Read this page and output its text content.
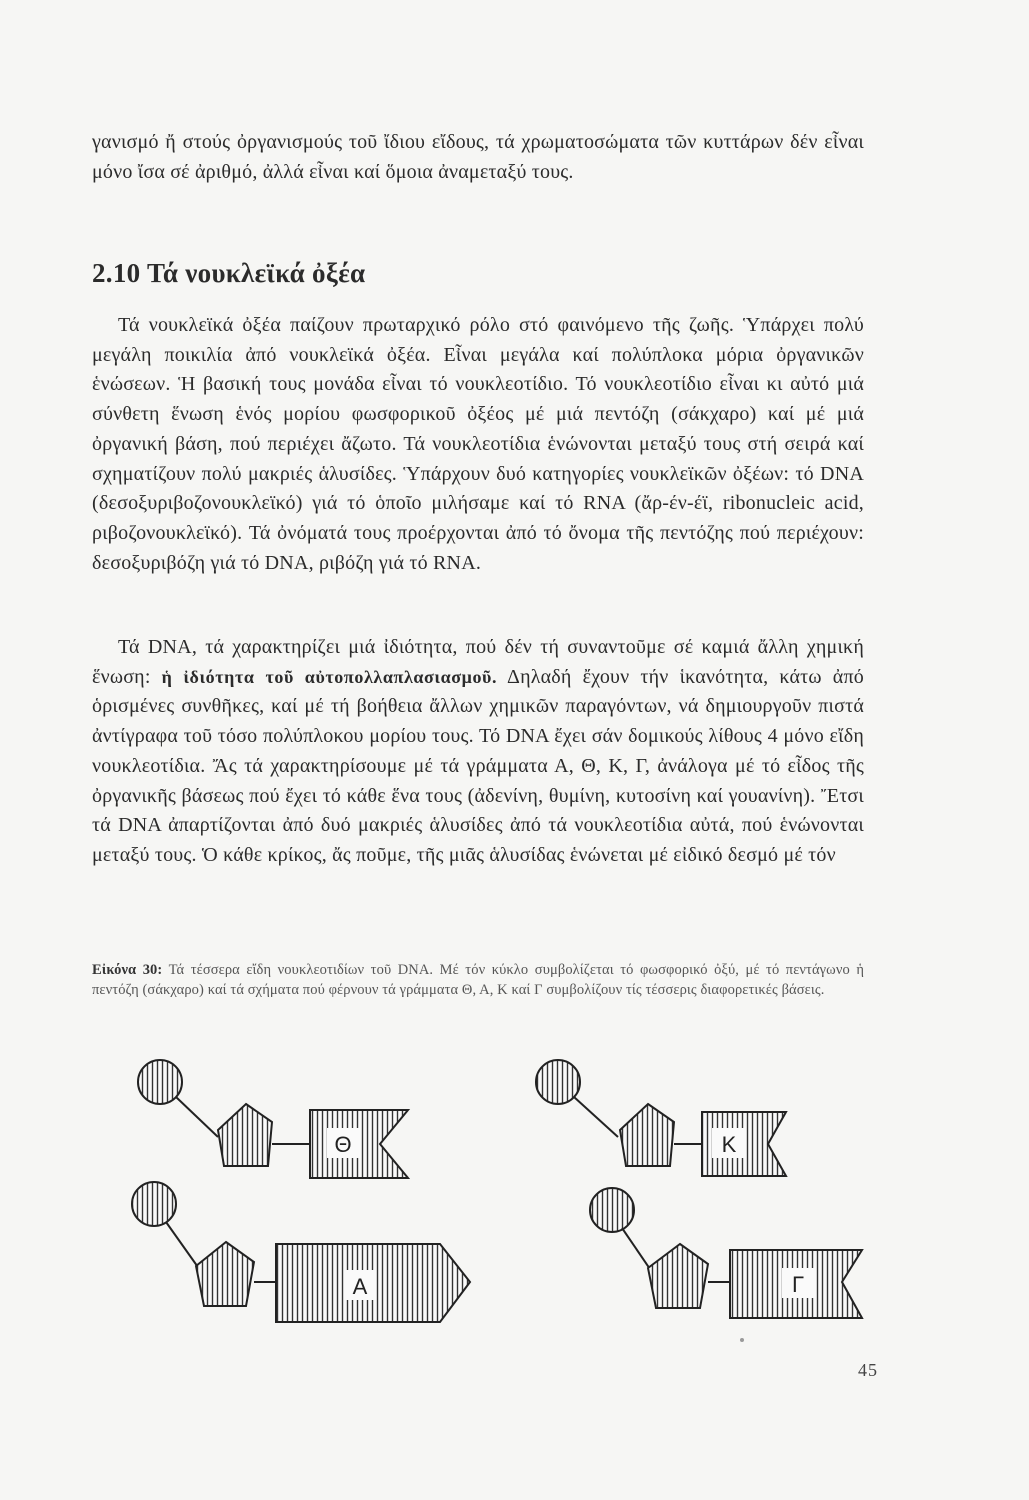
γανισμό ἤ στούς ὀργανισμούς τοῦ ἴδιου εἴδους, τά χρωματοσώματα τῶν κυττάρων δέν εἶναι μόνο ἴσα σέ ἀριθμό, ἀλλά εἶναι καί ὅμοια ἀναμεταξύ τους.

2.10 Τά νουκλεϊκά ὀξέα

Τά νουκλεϊκά ὀξέα παίζουν πρωταρχικό ρόλο στό φαινόμενο τῆς ζωῆς. Ὑπάρχει πολύ μεγάλη ποικιλία ἀπό νουκλεϊκά ὀξέα. Εἶναι μεγάλα καί πολύπλοκα μόρια ὀργανικῶν ἑνώσεων. Ἡ βασική τους μονάδα εἶναι τό νουκλεοτίδιο. Τό νουκλεοτίδιο εἶναι κι αὐτό μιά σύνθετη ἕνωση ἑνός μορίου φωσφορικοῦ ὀξέος μέ μιά πεντόζη (σάκχαρο) καί μέ μιά ὀργανική βάση, πού περιέχει ἄζωτο. Τά νουκλεοτίδια ἑνώνονται μεταξύ τους στή σειρά καί σχηματίζουν πολύ μακριές ἁλυσίδες. Ὑπάρχουν δυό κατηγορίες νουκλεϊκῶν ὀξέων: τό DNA (δεσοξυριβοζονουκλεϊκό) γιά τό ὁποῖο μιλήσαμε καί τό RNA (ἄρ-έν-έϊ, ribonucleic acid, ριβοζονουκλεϊκό). Τά ὀνόματά τους προέρχονται ἀπό τό ὄνομα τῆς πεντόζης πού περιέχουν: δεσοξυριβόζη γιά τό DNA, ριβόζη γιά τό RNA.

Τά DNA, τά χαρακτηρίζει μιά ἰδιότητα, πού δέν τή συναντοῦμε σέ καμιά ἄλλη χημική ἕνωση: ἡ ἰδιότητα τοῦ αὐτοπολλαπλασιασμοῦ. Δηλαδή ἔχουν τήν ἱκανότητα, κάτω ἀπό ὁρισμένες συνθῆκες, καί μέ τή βοήθεια ἄλλων χημικῶν παραγόντων, νά δημιουργοῦν πιστά ἀντίγραφα τοῦ τόσο πολύπλοκου μορίου τους. Τό DNA ἔχει σάν δομικούς λίθους 4 μόνο εἴδη νουκλεοτίδια. Ἄς τά χαρακτηρίσουμε μέ τά γράμματα Α, Θ, Κ, Γ, ἀνάλογα μέ τό εἶδος τῆς ὀργανικῆς βάσεως πού ἔχει τό κάθε ἕνα τους (ἀδενίνη, θυμίνη, κυτοσίνη καί γουανίνη). Ἔτσι τά DNA ἀπαρτίζονται ἀπό δυό μακριές ἁλυσίδες ἀπό τά νουκλεοτίδια αὐτά, πού ἑνώνονται μεταξύ τους. Ὁ κάθε κρίκος, ἄς ποῦμε, τῆς μιᾶς ἁλυσίδας ἑνώνεται μέ εἰδικό δεσμό μέ τόν

Εἰκόνα 30: Τά τέσσερα εἴδη νουκλεοτιδίων τοῦ DNA. Μέ τόν κύκλο συμβολίζεται τό φωσφορικό ὀξύ, μέ τό πεντάγωνο ἡ πεντόζη (σάκχαρο) καί τά σχήματα πού φέρνουν τά γράμματα Θ, Α, Κ καί Γ συμβολίζουν τίς τέσσερις διαφορετικές βάσεις.

Θ	Κ
Α	Γ

45
